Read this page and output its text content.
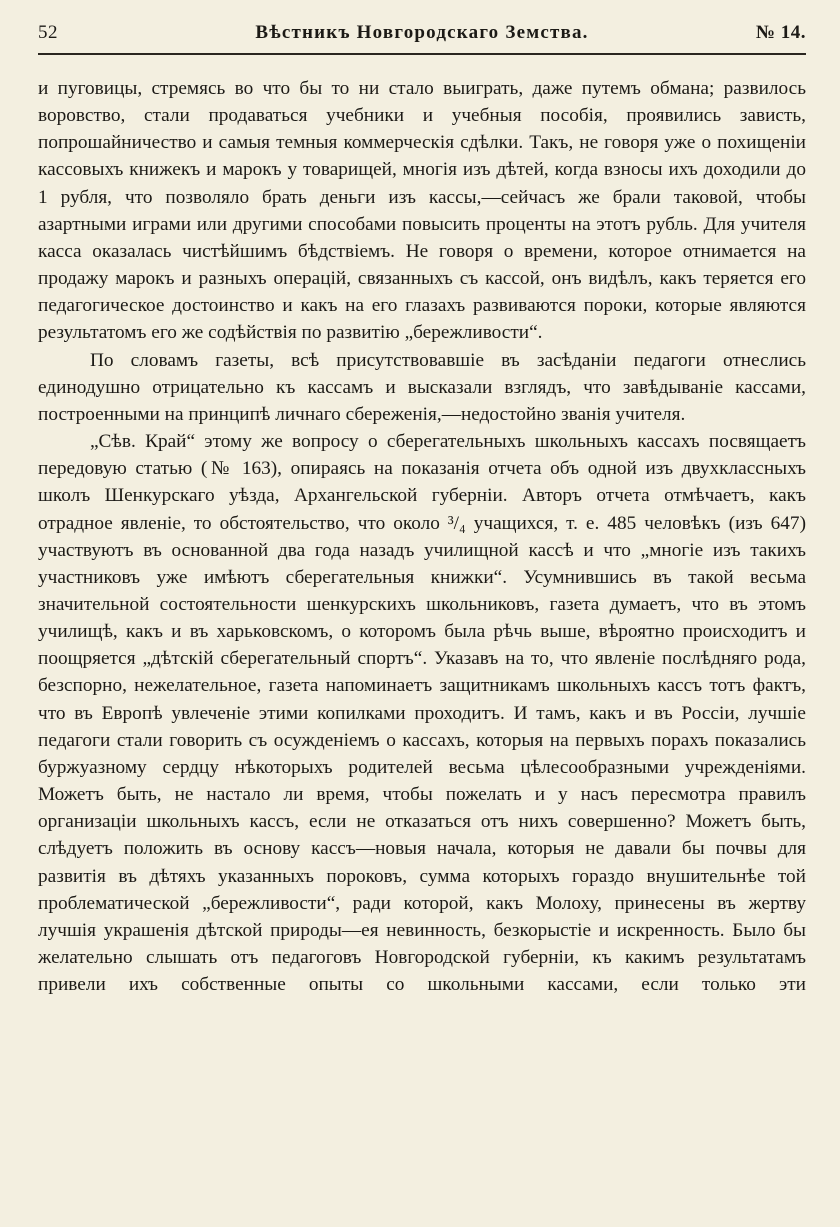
52	Вѣстникъ Новгородскаго Земства.	№ 14.

и пуговицы, стремясь во что бы то ни стало выиграть, даже путемъ обмана; развилось воровство, стали продаваться учебники и учебныя пособія, проявились зависть, попрошайничество и самыя темныя коммерческія сдѣлки. Такъ, не говоря уже о похищеніи кассовыхъ книжекъ и марокъ у товарищей, многія изъ дѣтей, когда взносы ихъ доходили до 1 рубля, что позволяло брать деньги изъ кассы,—сейчасъ же брали таковой, чтобы азартными играми или другими способами повысить проценты на этотъ рубль. Для учителя касса оказалась чистѣйшимъ бѣдствіемъ. Не говоря о времени, которое отнимается на продажу марокъ и разныхъ операцій, связанныхъ съ кассой, онъ видѣлъ, какъ теряется его педагогическое достоинство и какъ на его глазахъ развиваются пороки, которые являются результатомъ его же содѣйствія по развитію „бережливости“.

По словамъ газеты, всѣ присутствовавшіе въ засѣданіи педагоги отнеслись единодушно отрицательно къ кассамъ и высказали взглядъ, что завѣдываніе кассами, построенными на принципѣ личнаго сбереженія,—недостойно званія учителя.

„Сѣв. Край“ этому же вопросу о сберегательныхъ школьныхъ кассахъ посвящаетъ передовую статью (№ 163), опираясь на показанія отчета объ одной изъ двухклассныхъ школъ Шенкурскаго уѣзда, Архангельской губерніи. Авторъ отчета отмѣчаетъ, какъ отрадное явленіе, то обстоятельство, что около ³/₄ учащихся, т. е. 485 человѣкъ (изъ 647) участвуютъ въ основанной два года назадъ училищной кассѣ и что „многіе изъ такихъ участниковъ уже имѣютъ сберегательныя книжки“. Усумнившись въ такой весьма значительной состоятельности шенкурскихъ школьниковъ, газета думаетъ, что въ этомъ училищѣ, какъ и въ харьковскомъ, о которомъ была рѣчь выше, вѣроятно происходитъ и поощряется „дѣтскій сберегательный спортъ“. Указавъ на то, что явленіе послѣдняго рода, безспорно, нежелательное, газета напоминаетъ защитникамъ школьныхъ кассъ тотъ фактъ, что въ Европѣ увлеченіе этими копилками проходитъ. И тамъ, какъ и въ Россіи, лучшіе педагоги стали говорить съ осужденіемъ о кассахъ, которыя на первыхъ порахъ показались буржуазному сердцу нѣкоторыхъ родителей весьма цѣлесообразными учрежденіями. Можетъ быть, не настало ли время, чтобы пожелать и у насъ пересмотра правилъ организаціи школьныхъ кассъ, если не отказаться отъ нихъ совершенно? Можетъ быть, слѣдуетъ положить въ основу кассъ—новыя начала, которыя не давали бы почвы для развитія въ дѣтяхъ указанныхъ пороковъ, сумма которыхъ гораздо внушительнѣе той проблематической „бережливости“, ради которой, какъ Молоху, принесены въ жертву лучшія украшенія дѣтской природы—ея невинность, безкорыстіе и искренность. Было бы желательно слышать отъ педагоговъ Новгородской губерніи, къ какимъ результатамъ привели ихъ собственные опыты со школьными кассами, если только эти
